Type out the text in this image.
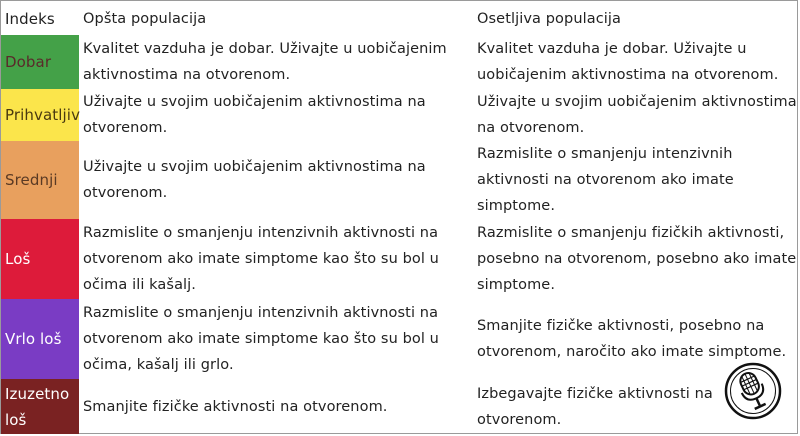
Indeks Opšta populacija	Osetljiva populacija
Dobar
Kvalitet vazduha je dobar. Uživajte u uobičajenim aktivnostima na otvorenom.
Kvalitet vazduha je dobar. Uživajte u uobičajenim aktivnostima na otvorenom.
Prihvatljiv
Uživajte u svojim uobičajenim aktivnostima na otvorenom.
Uživajte u svojim uobičajenim aktivnostima na otvorenom.
Srednji
Uživajte u svojim uobičajenim aktivnostima na otvorenom.
Razmislite o smanjenju intenzivnih aktivnosti na otvorenom ako imate simptome.
Loš
Razmislite o smanjenju intenzivnih aktivnosti na otvorenom ako imate simptome kao što su bol u očima ili kašalj.
Razmislite o smanjenju fizičkih aktivnosti, posebno na otvorenom, posebno ako imate simptome.
Vrlo loš
Razmislite o smanjenju intenzivnih aktivnosti na otvorenom ako imate simptome kao što su bol u očima, kašalj ili grlo.
Smanjite fizičke aktivnosti, posebno na otvorenom, naročito ako imate simptome.
Izuzetno loš
Smanjite fizičke aktivnosti na otvorenom.
Izbegavajte fizičke aktivnosti na otvorenom.
